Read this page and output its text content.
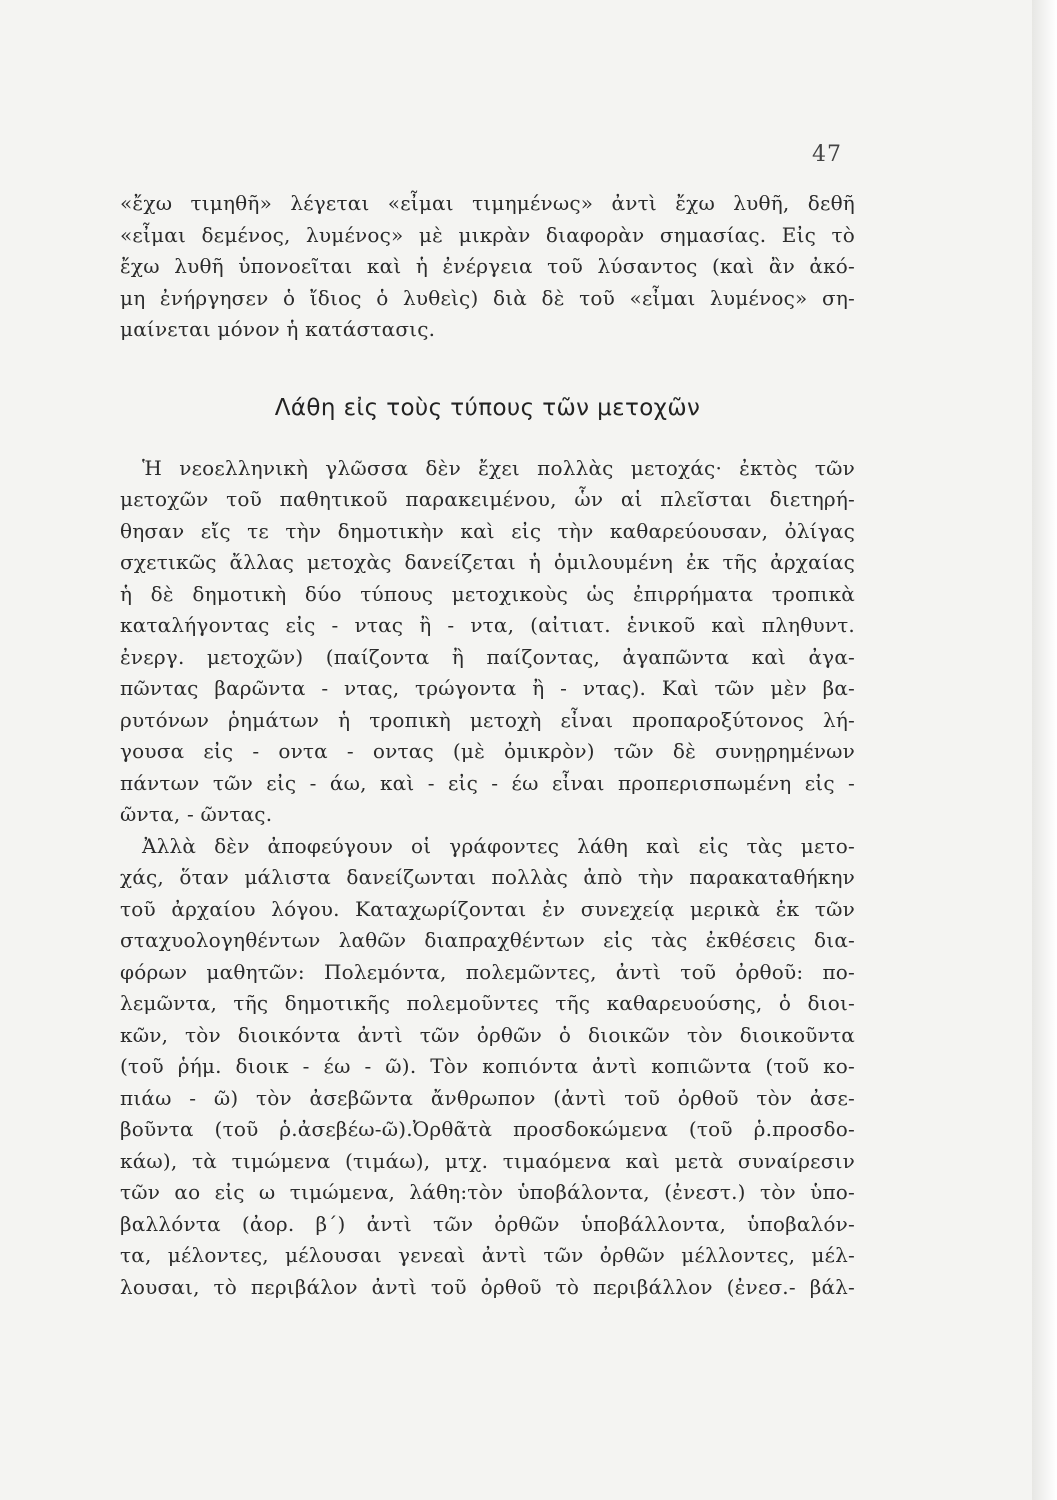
47
«ἔχω τιμηθῆ» λέγεται «εἶμαι τιμημένως» ἀντὶ ἔχω λυθῆ, δεθῆ
«εἶμαι δεμένος, λυμένος» μὲ μικρὰν διαφορὰν σημασίας. Εἰς τὸ
ἔχω λυθῆ ὑπονοεῖται καὶ ἡ ἐνέργεια τοῦ λύσαντος (καὶ ἂν ἀκό-
μη ἐνήργησεν ὁ ἴδιος ὁ λυθεὶς) διὰ δὲ τοῦ «εἶμαι λυμένος» ση-
μαίνεται μόνον ἡ κατάστασις.
Λάθη εἰς τοὺς τύπους τῶν μετοχῶν
Ἡ νεοελληνικὴ γλῶσσα δὲν ἔχει πολλὰς μετοχάς· ἐκτὸς τῶν
μετοχῶν τοῦ παθητικοῦ παρακειμένου, ὧν αἱ πλεῖσται διετηρή-
θησαν εἴς τε τὴν δημοτικὴν καὶ εἰς τὴν καθαρεύουσαν, ὀλίγας
σχετικῶς ἄλλας μετοχὰς δανείζεται ἡ ὁμιλουμένη ἐκ τῆς ἀρχαίας
ἡ δὲ δημοτικὴ δύο τύπους μετοχικοὺς ὡς ἐπιρρήματα τροπικὰ
καταλήγοντας εἰς - ντας ἢ - ντα, (αἰτιατ. ἑνικοῦ καὶ πληθυντ.
ἐνεργ. μετοχῶν) (παίζοντα ἢ παίζοντας, ἀγαπῶντα καὶ ἀγα-
πῶντας βαρῶντα - ντας, τρώγοντα ἢ - ντας). Καὶ τῶν μὲν βα-
ρυτόνων ῥημάτων ἡ τροπικὴ μετοχὴ εἶναι προπαροξύτονος λή-
γουσα εἰς - οντα - οντας (μὲ ὀμικρὸν) τῶν δὲ συνῃρημένων
πάντων τῶν εἰς - άω, καὶ - εἰς - έω εἶναι προπερισπωμένη εἰς -
ῶντα, - ῶντας.
Ἀλλὰ δὲν ἀποφεύγουν οἱ γράφοντες λάθη καὶ εἰς τὰς μετο-
χάς, ὅταν μάλιστα δανείζωνται πολλὰς ἀπὸ τὴν παρακαταθήκην
τοῦ ἀρχαίου λόγου. Καταχωρίζονται ἐν συνεχείᾳ μερικὰ ἐκ τῶν
σταχυολογηθέντων λαθῶν διαπραχθέντων εἰς τὰς ἐκθέσεις δια-
φόρων μαθητῶν: Πολεμόντα, πολεμῶντες, ἀντὶ τοῦ ὀρθοῦ: πο-
λεμῶντα, τῆς δημοτικῆς πολεμοῦντες τῆς καθαρευούσης, ὁ διοι-
κῶν, τὸν διοικόντα ἀντὶ τῶν ὀρθῶν ὁ διοικῶν τὸν διοικοῦντα
(τοῦ ῥήμ. διοικ - έω - ῶ). Τὸν κοπιόντα ἀντὶ κοπιῶντα (τοῦ κο-
πιάω - ῶ) τὸν ἀσεβῶντα ἄνθρωπον (ἀντὶ τοῦ ὀρθοῦ τὸν ἀσε-
βοῦντα (τοῦ ῥ.ἀσεβέω-ῶ).Ὀρθᾶτὰ προσδοκώμενα (τοῦ ῥ.προσδο-
κάω), τὰ τιμώμενα (τιμάω), μτχ. τιμαόμενα καὶ μετὰ συναίρεσιν
τῶν αο εἰς ω τιμώμενα, λάθη:τὸν ὑποβάλοντα, (ἐνεστ.) τὸν ὑπο-
βαλλόντα (ἀορ. β΄) ἀντὶ τῶν ὀρθῶν ὑποβάλλοντα, ὑποβαλόν-
τα, μέλοντες, μέλουσαι γενεαὶ ἀντὶ τῶν ὀρθῶν μέλλοντες, μέλ-
λουσαι, τὸ περιβάλον ἀντὶ τοῦ ὀρθοῦ τὸ περιβάλλον (ἐνεσ.- βάλ-
